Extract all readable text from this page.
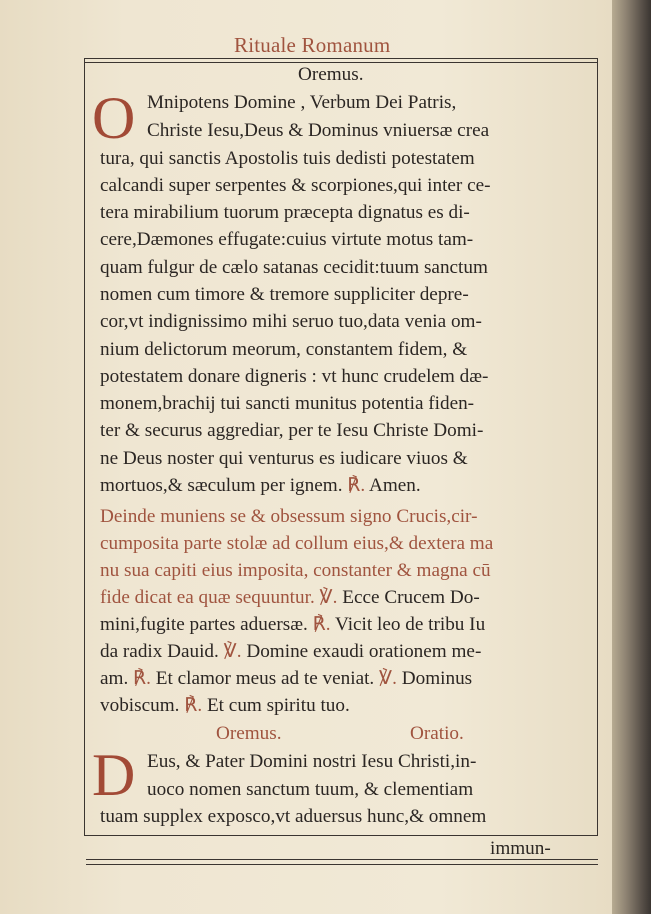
Rituale Romanum
Oremus.
O Mnipotens Domine , Verbum Dei Patris,
Christe Iesu,Deus & Dominus vniuersæ crea
tura, qui sanctis Apostolis tuis dedisti potestatem
calcandi super serpentes & scorpiones,qui inter ce-
tera mirabilium tuorum præcepta dignatus es di-
cere,Dæmones effugate:cuius virtute motus tam-
quam fulgur de cælo satanas cecidit:tuum sanctum
nomen cum timore & tremore suppliciter depre-
cor,vt indignissimo mihi seruo tuo,data venia om-
nium delictorum meorum, constantem fidem, &
potestatem donare digneris : vt hunc crudelem dæ-
monem,brachij tui sancti munitus potentia fiden-
ter & securus aggrediar, per te Iesu Christe Domi-
ne Deus noster qui venturus es iudicare viuos &
mortuos,& sæculum per ignem. ℟. Amen.
Deinde muniens se & obsessum signo Crucis,cir-
cumposita parte stolæ ad collum eius,& dextera ma
nu sua capiti eius imposita, constanter & magna cū
fide dicat ea quæ sequuntur. ℣. Ecce Crucem Do-
mini,fugite partes aduersæ. ℟. Vicit leo de tribu Iu
da radix Dauid. ℣. Domine exaudi orationem me-
am. ℟. Et clamor meus ad te veniat. ℣. Dominus
vobiscum. ℟. Et cum spiritu tuo.
Oremus.	Oratio.
D Eus, & Pater Domini nostri Iesu Christi,in-
uoco nomen sanctum tuum, & clementiam
tuam supplex exposco,vt aduersus hunc,& omnem
immun-
